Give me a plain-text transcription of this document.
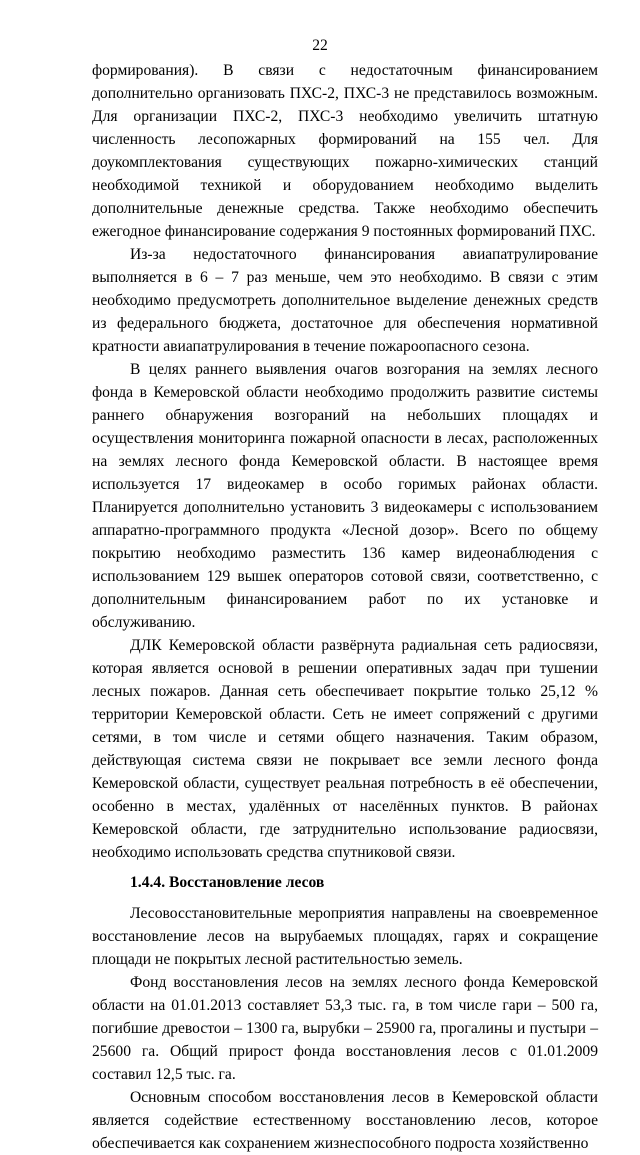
22

формирования). В связи с недостаточным финансированием дополнительно организовать ПХС-2, ПХС-3 не представилось возможным. Для организации ПХС-2, ПХС-3 необходимо увеличить штатную численность лесопожарных формирований на 155 чел. Для доукомплектования существующих пожарно-химических станций необходимой техникой и оборудованием необходимо выделить дополнительные денежные средства. Также необходимо обеспечить ежегодное финансирование содержания 9 постоянных формирований ПХС.

Из-за недостаточного финансирования авиапатрулирование выполняется в 6 – 7 раз меньше, чем это необходимо. В связи с этим необходимо предусмотреть дополнительное выделение денежных средств из федерального бюджета, достаточное для обеспечения нормативной кратности авиапатрулирования в течение пожароопасного сезона.

В целях раннего выявления очагов возгорания на землях лесного фонда в Кемеровской области необходимо продолжить развитие системы раннего обнаружения возгораний на небольших площадях и осуществления мониторинга пожарной опасности в лесах, расположенных на землях лесного фонда Кемеровской области. В настоящее время используется 17 видеокамер в особо горимых районах области. Планируется дополнительно установить 3 видеокамеры с использованием аппаратно-программного продукта «Лесной дозор». Всего по общему покрытию необходимо разместить 136 камер видеонаблюдения с использованием 129 вышек операторов сотовой связи, соответственно, с дополнительным финансированием работ по их установке и обслуживанию.

ДЛК Кемеровской области развёрнута радиальная сеть радиосвязи, которая является основой в решении оперативных задач при тушении лесных пожаров. Данная сеть обеспечивает покрытие только 25,12 % территории Кемеровской области. Сеть не имеет сопряжений с другими сетями, в том числе и сетями общего назначения. Таким образом, действующая система связи не покрывает все земли лесного фонда Кемеровской области, существует реальная потребность в её обеспечении, особенно в местах, удалённых от населённых пунктов. В районах Кемеровской области, где затруднительно использование радиосвязи, необходимо использовать средства спутниковой связи.

1.4.4. Восстановление лесов

Лесовосстановительные мероприятия направлены на своевременное восстановление лесов на вырубаемых площадях, гарях и сокращение площади не покрытых лесной растительностью земель.

Фонд восстановления лесов на землях лесного фонда Кемеровской области на 01.01.2013 составляет 53,3 тыс. га, в том числе гари – 500 га, погибшие древостои – 1300 га, вырубки – 25900 га, прогалины и пустыри – 25600 га. Общий прирост фонда восстановления лесов с 01.01.2009 составил 12,5 тыс. га.

Основным способом восстановления лесов в Кемеровской области является содействие естественному восстановлению лесов, которое обеспечивается как сохранением жизнеспособного подроста хозяйственно
